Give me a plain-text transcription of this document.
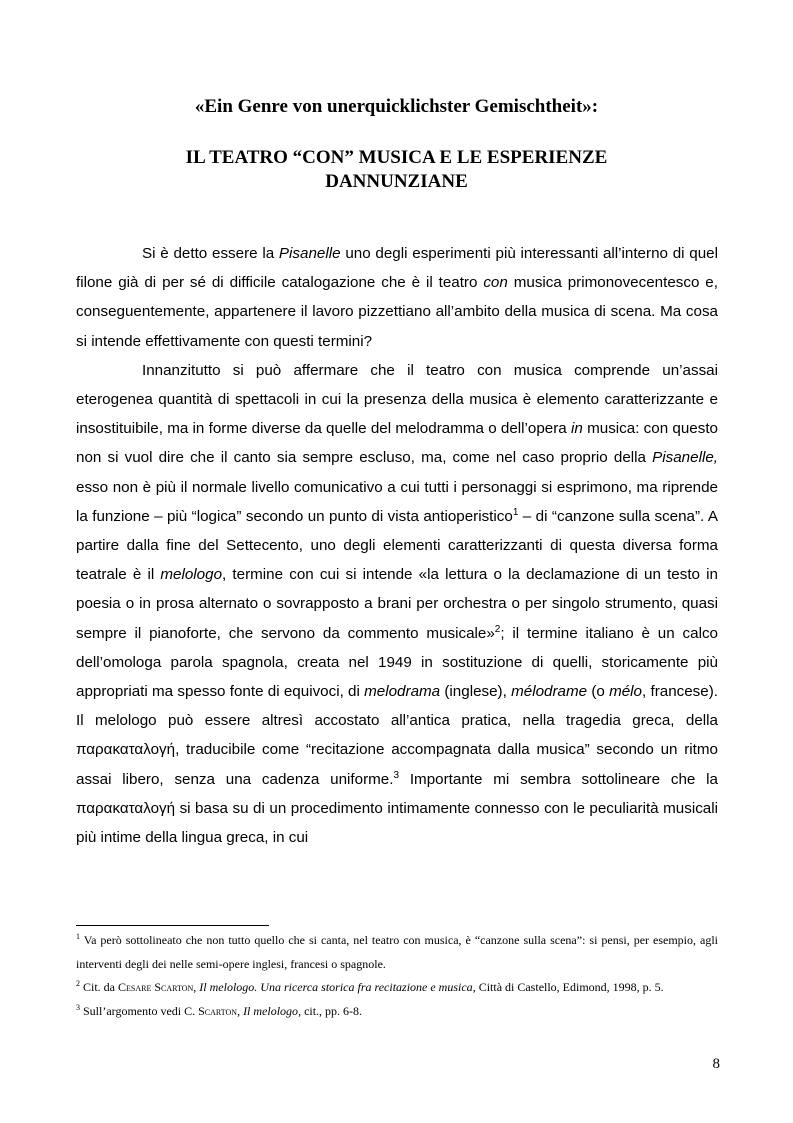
«Ein Genre von unerquicklichster Gemischtheit»:
IL TEATRO “CON” MUSICA E LE ESPERIENZE DANNUNZIANE

Si è detto essere la Pisanelle uno degli esperimenti più interessanti all’interno di quel filone già di per sé di difficile catalogazione che è il teatro con musica primonovecentesco e, conseguentemente, appartenere il lavoro pizzettiano all’ambito della musica di scena. Ma cosa si intende effettivamente con questi termini?

Innanzitutto si può affermare che il teatro con musica comprende un’assai eterogenea quantità di spettacoli in cui la presenza della musica è elemento caratterizzante e insostituibile, ma in forme diverse da quelle del melodramma o dell’opera in musica: con questo non si vuol dire che il canto sia sempre escluso, ma, come nel caso proprio della Pisanelle, esso non è più il normale livello comunicativo a cui tutti i personaggi si esprimono, ma riprende la funzione – più “logica” secondo un punto di vista antioperistico$^1$ – di “canzone sulla scena”. A partire dalla fine del Settecento, uno degli elementi caratterizzanti di questa diversa forma teatrale è il melologo, termine con cui si intende «la lettura o la declamazione di un testo in poesia o in prosa alternato o sovrapposto a brani per orchestra o per singolo strumento, quasi sempre il pianoforte, che servono da commento musicale»$^2$; il termine italiano è un calco dell’omologa parola spagnola, creata nel 1949 in sostituzione di quelli, storicamente più appropriati ma spesso fonte di equivoci, di melodrama (inglese), mélodrame (o mélo, francese). Il melologo può essere altresì accostato all’antica pratica, nella tragedia greca, della παρακαταλογή, traducibile come “recitazione accompagnata dalla musica” secondo un ritmo assai libero, senza una cadenza uniforme.$^3$ Importante mi sembra sottolineare che la παρακαταλογή si basa su di un procedimento intimamente connesso con le peculiarità musicali più intime della lingua greca, in cui

$^1$ Va però sottolineato che non tutto quello che si canta, nel teatro con musica, è “canzone sulla scena”: si pensi, per esempio, agli interventi degli dei nelle semi-opere inglesi, francesi o spagnole.

$^2$ Cit. da Cesare Scarton, Il melologo. Una ricerca storica fra recitazione e musica, Città di Castello, Edimond, 1998, p. 5.

$^3$ Sull’argomento vedi C. Scarton, Il melologo, cit., pp. 6-8.

8
